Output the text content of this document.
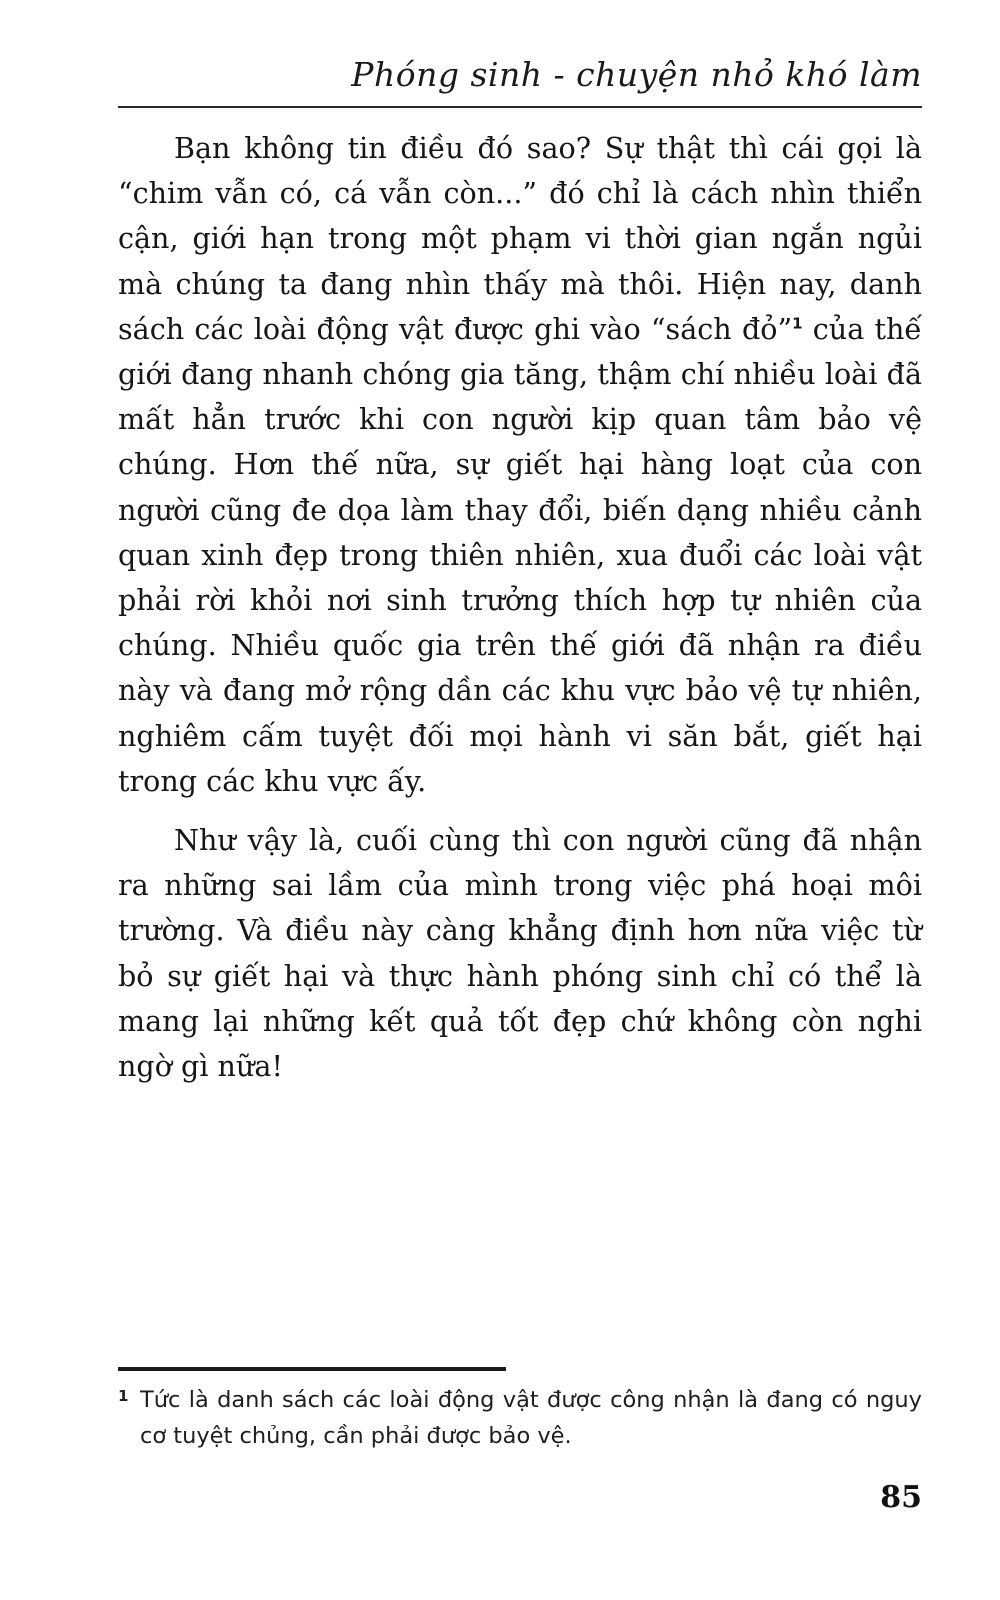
Phóng sinh - chuyện nhỏ khó làm

Bạn không tin điều đó sao? Sự thật thì cái gọi là “chim vẫn có, cá vẫn còn...” đó chỉ là cách nhìn thiển cận, giới hạn trong một phạm vi thời gian ngắn ngủi mà chúng ta đang nhìn thấy mà thôi. Hiện nay, danh sách các loài động vật được ghi vào “sách đỏ”$^1$ của thế giới đang nhanh chóng gia tăng, thậm chí nhiều loài đã mất hẳn trước khi con người kịp quan tâm bảo vệ chúng. Hơn thế nữa, sự giết hại hàng loạt của con người cũng đe dọa làm thay đổi, biến dạng nhiều cảnh quan xinh đẹp trong thiên nhiên, xua đuổi các loài vật phải rời khỏi nơi sinh trưởng thích hợp tự nhiên của chúng. Nhiều quốc gia trên thế giới đã nhận ra điều này và đang mở rộng dần các khu vực bảo vệ tự nhiên, nghiêm cấm tuyệt đối mọi hành vi săn bắt, giết hại trong các khu vực ấy.

Như vậy là, cuối cùng thì con người cũng đã nhận ra những sai lầm của mình trong việc phá hoại môi trường. Và điều này càng khẳng định hơn nữa việc từ bỏ sự giết hại và thực hành phóng sinh chỉ có thể là mang lại những kết quả tốt đẹp chứ không còn nghi ngờ gì nữa!

1 Tức là danh sách các loài động vật được công nhận là đang có nguy cơ tuyệt chủng, cần phải được bảo vệ.
85
